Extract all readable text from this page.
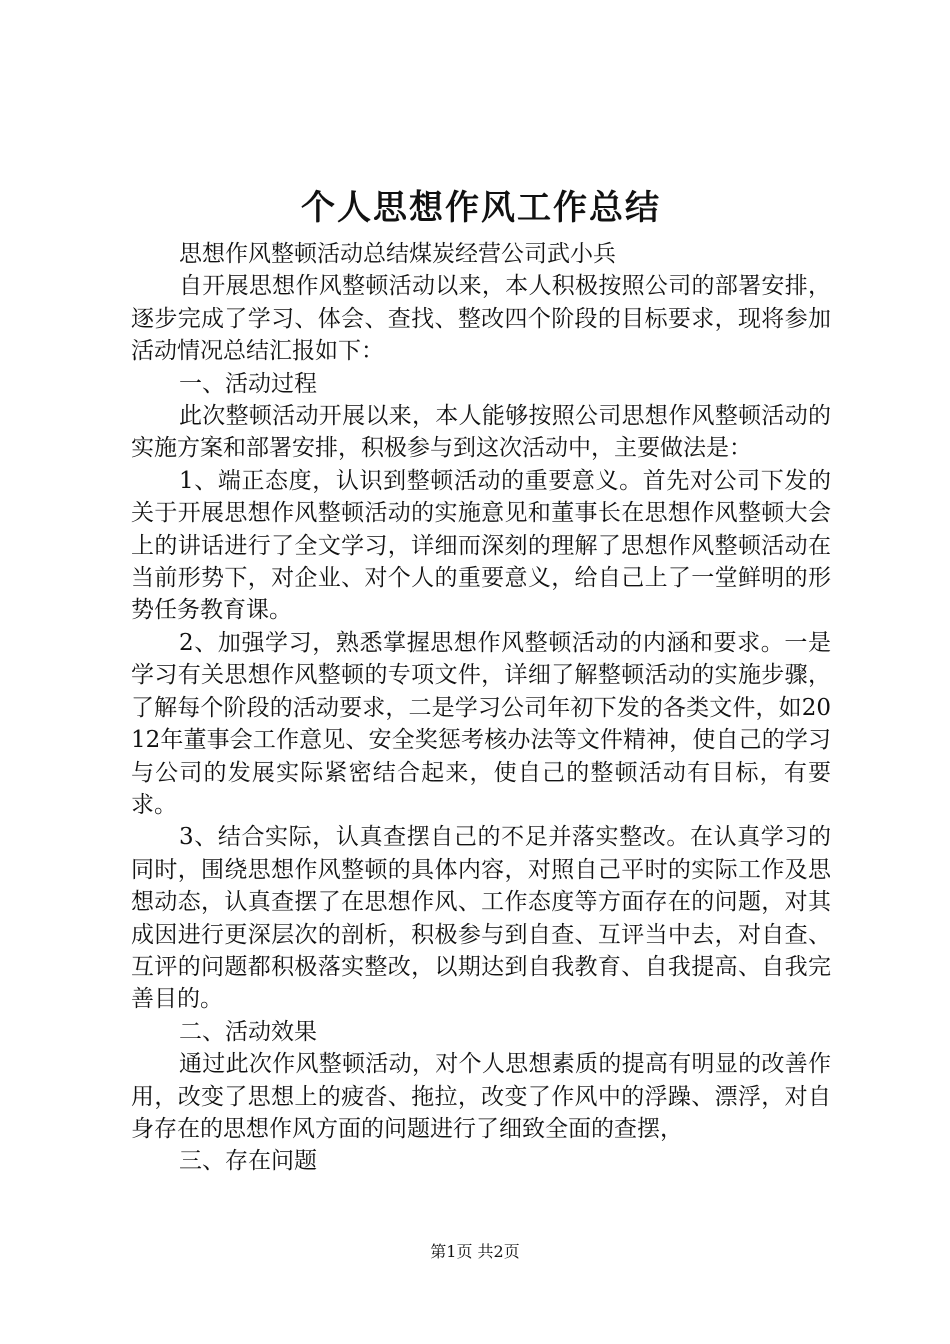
个人思想作风工作总结

思想作风整顿活动总结煤炭经营公司武小兵

自开展思想作风整顿活动以来，本人积极按照公司的部署安排，逐步完成了学习、体会、查找、整改四个阶段的目标要求，现将参加活动情况总结汇报如下：

一、活动过程

此次整顿活动开展以来，本人能够按照公司思想作风整顿活动的实施方案和部署安排，积极参与到这次活动中，主要做法是：

1、端正态度，认识到整顿活动的重要意义。首先对公司下发的关于开展思想作风整顿活动的实施意见和董事长在思想作风整顿大会上的讲话进行了全文学习，详细而深刻的理解了思想作风整顿活动在当前形势下，对企业、对个人的重要意义，给自己上了一堂鲜明的形势任务教育课。

2、加强学习，熟悉掌握思想作风整顿活动的内涵和要求。一是学习有关思想作风整顿的专项文件，详细了解整顿活动的实施步骤，了解每个阶段的活动要求，二是学习公司年初下发的各类文件，如2012年董事会工作意见、安全奖惩考核办法等文件精神，使自己的学习与公司的发展实际紧密结合起来，使自己的整顿活动有目标，有要求。

3、结合实际，认真查摆自己的不足并落实整改。在认真学习的同时，围绕思想作风整顿的具体内容，对照自己平时的实际工作及思想动态，认真查摆了在思想作风、工作态度等方面存在的问题，对其成因进行更深层次的剖析，积极参与到自查、互评当中去，对自查、互评的问题都积极落实整改，以期达到自我教育、自我提高、自我完善目的。

二、活动效果

通过此次作风整顿活动，对个人思想素质的提高有明显的改善作用，改变了思想上的疲沓、拖拉，改变了作风中的浮躁、漂浮，对自身存在的思想作风方面的问题进行了细致全面的查摆，

三、存在问题

第1页 共2页
